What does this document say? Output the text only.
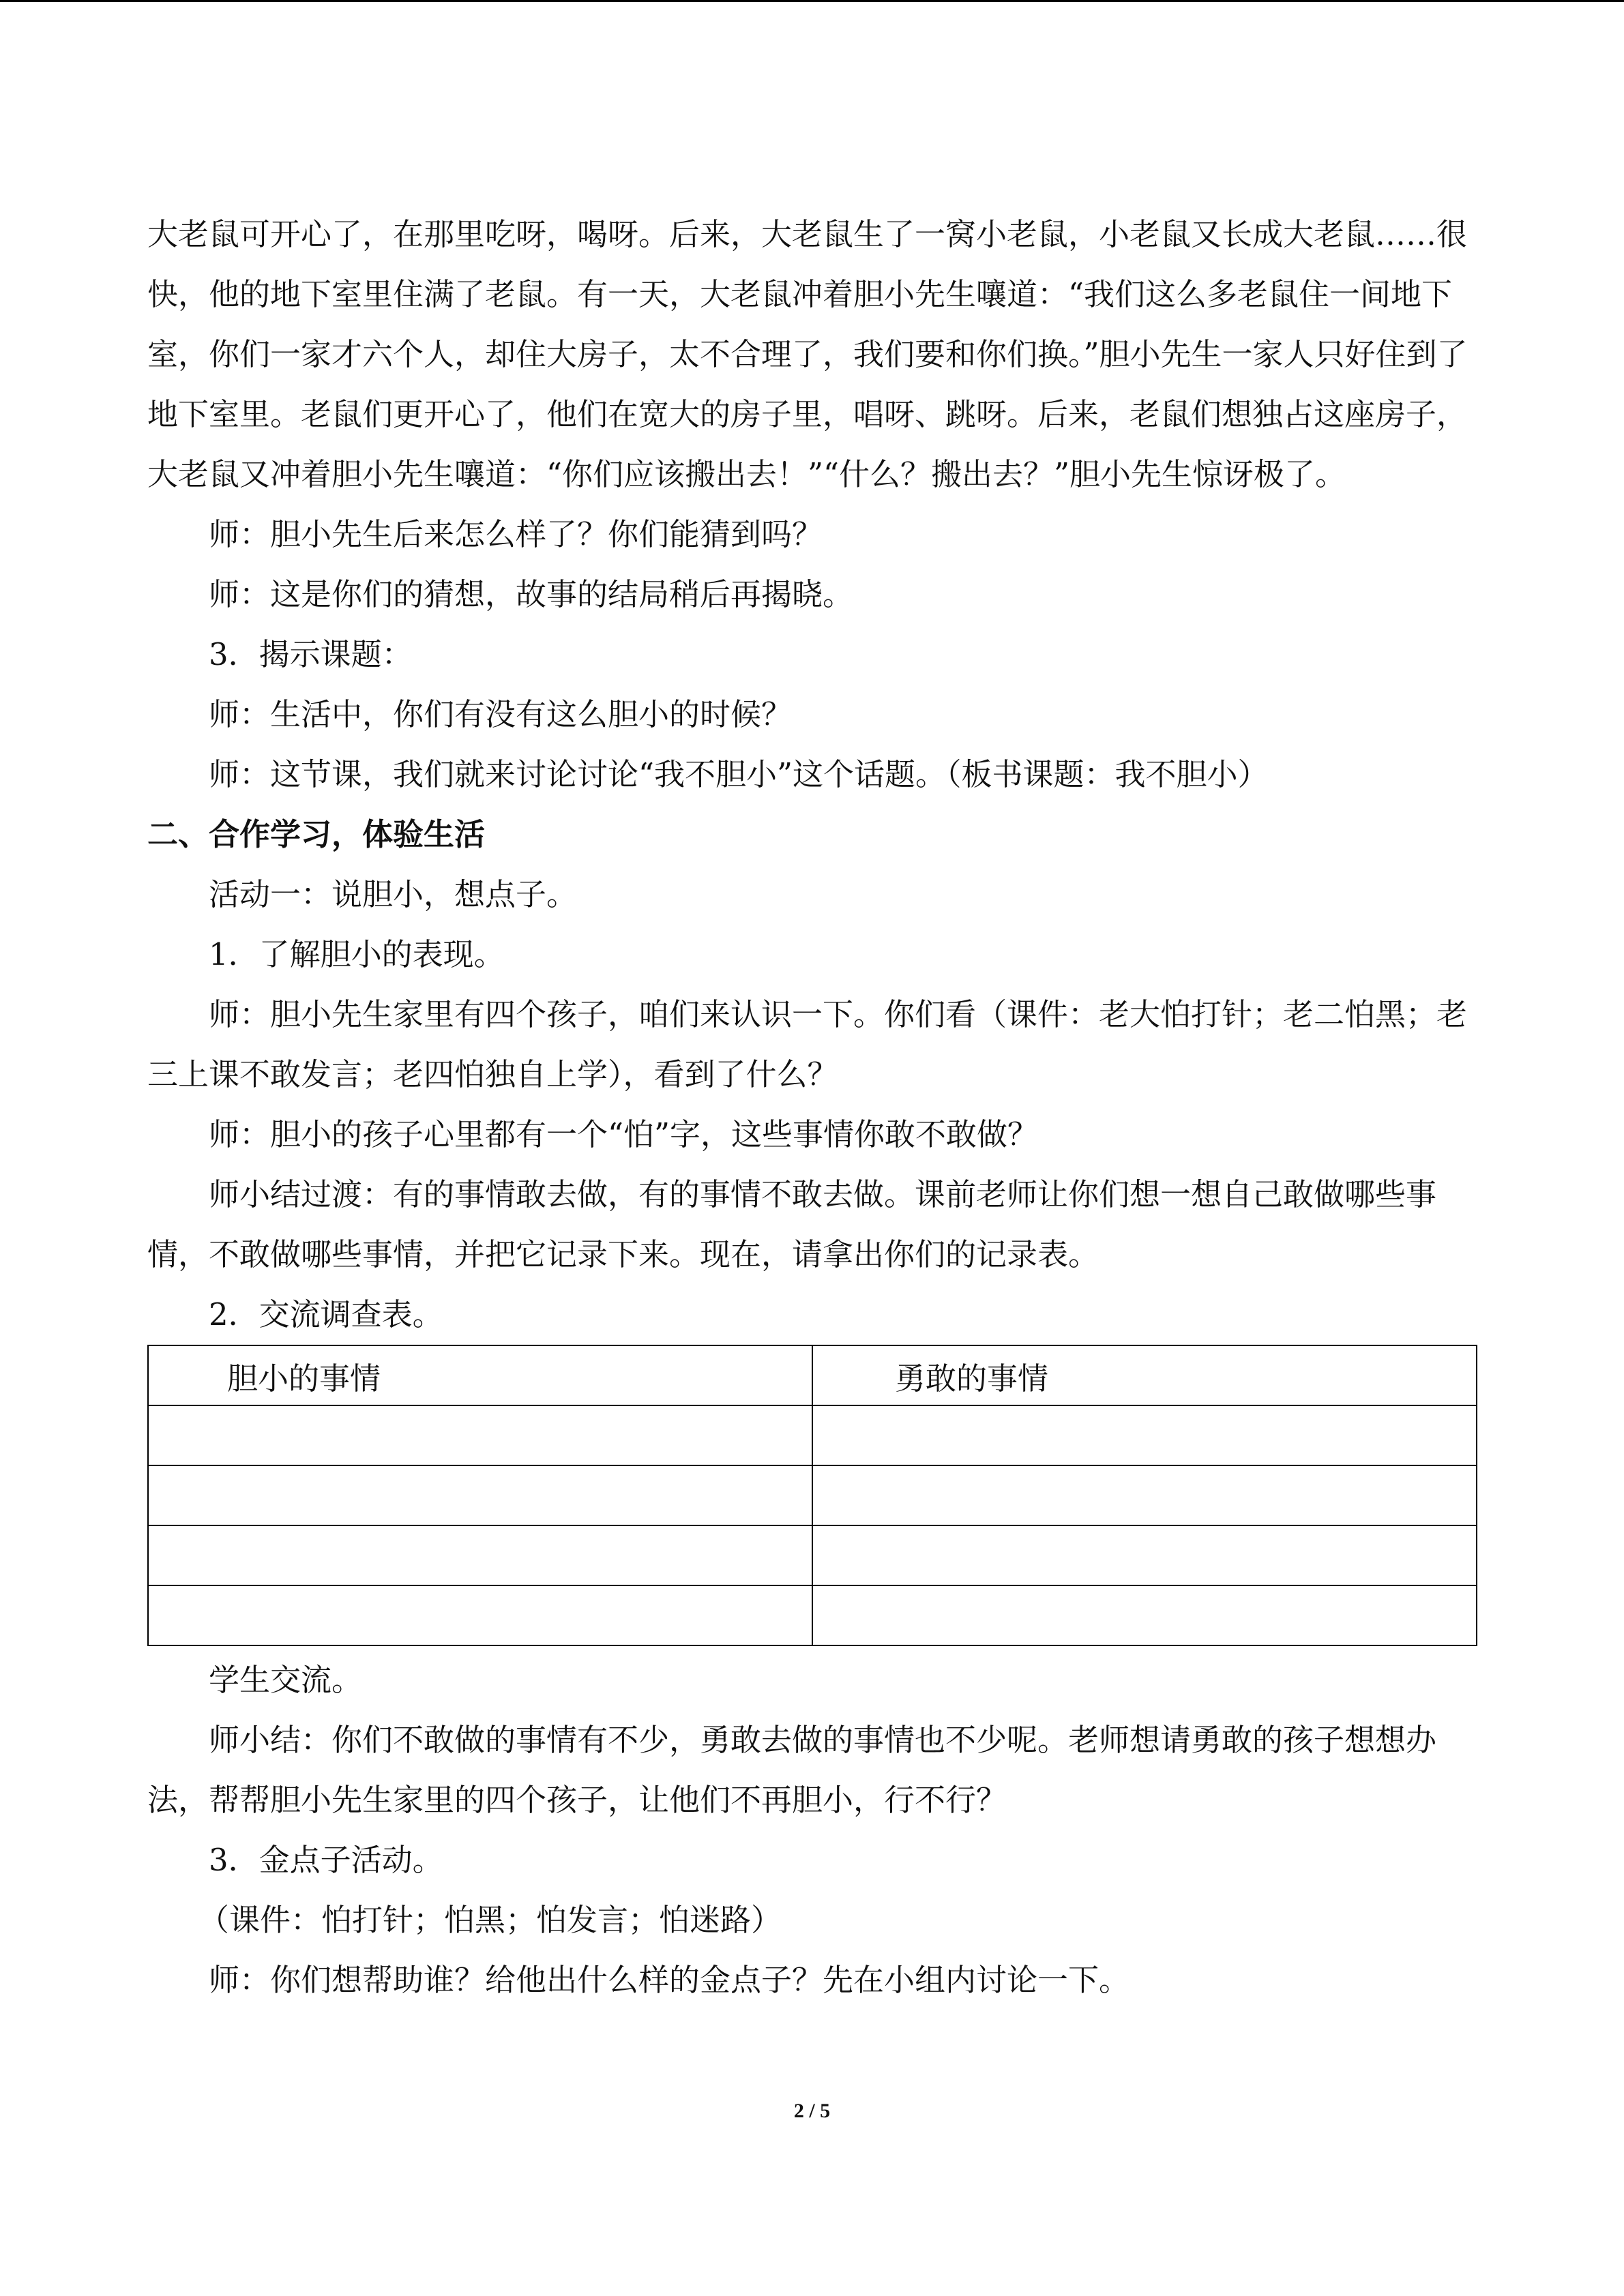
大老鼠可开心了，在那里吃呀，喝呀。后来，大老鼠生了一窝小老鼠，小老鼠又长成大老鼠……很快，他的地下室里住满了老鼠。有一天，大老鼠冲着胆小先生嚷道：“我们这么多老鼠住一间地下室，你们一家才六个人，却住大房子，太不合理了，我们要和你们换。”胆小先生一家人只好住到了地下室里。老鼠们更开心了，他们在宽大的房子里，唱呀、跳呀。后来，老鼠们想独占这座房子，大老鼠又冲着胆小先生嚷道：“你们应该搬出去！”“什么？搬出去？”胆小先生惊讶极了。

师：胆小先生后来怎么样了？你们能猜到吗？

师：这是你们的猜想，故事的结局稍后再揭晓。

3．揭示课题：

师：生活中，你们有没有这么胆小的时候？

师：这节课，我们就来讨论讨论“我不胆小”这个话题。（板书课题：我不胆小）

二、合作学习，体验生活

活动一：说胆小，想点子。

1．了解胆小的表现。

师：胆小先生家里有四个孩子，咱们来认识一下。你们看（课件：老大怕打针；老二怕黑；老三上课不敢发言；老四怕独自上学），看到了什么？

师：胆小的孩子心里都有一个“怕”字，这些事情你敢不敢做？

师小结过渡：有的事情敢去做，有的事情不敢去做。课前老师让你们想一想自己敢做哪些事情，不敢做哪些事情，并把它记录下来。现在，请拿出你们的记录表。

2．交流调查表。

胆小的事情	勇敢的事情

学生交流。

师小结：你们不敢做的事情有不少，勇敢去做的事情也不少呢。老师想请勇敢的孩子想想办法，帮帮胆小先生家里的四个孩子，让他们不再胆小，行不行？

3．金点子活动。

（课件：怕打针；怕黑；怕发言；怕迷路）

师：你们想帮助谁？给他出什么样的金点子？先在小组内讨论一下。

2 / 5
